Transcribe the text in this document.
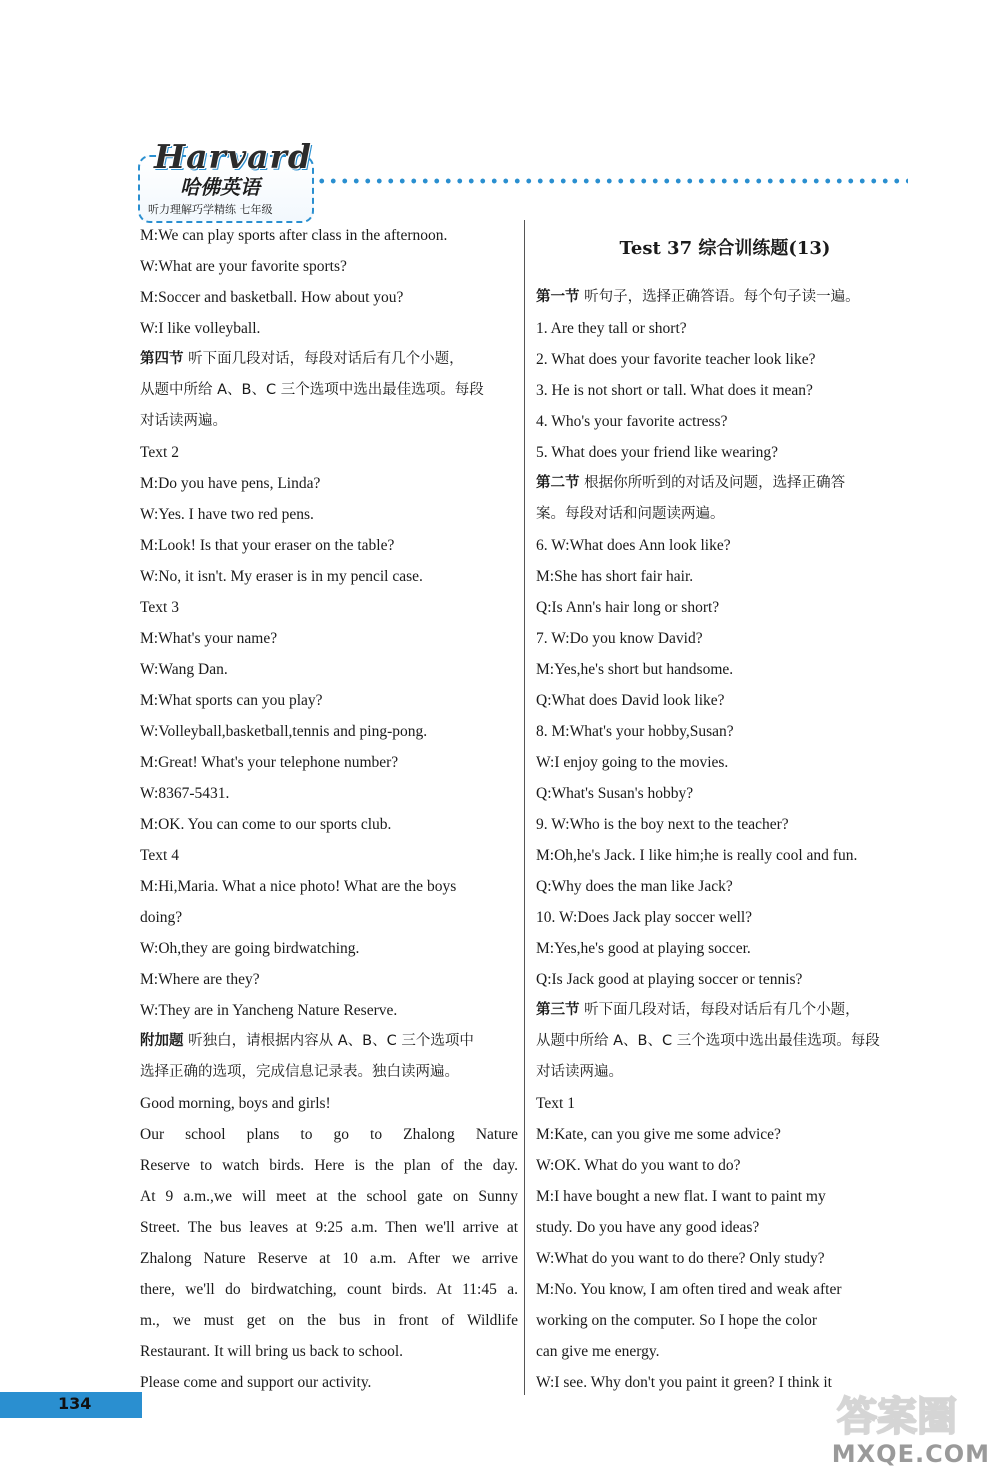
Harvard
哈佛英语
听力理解巧学精练 七年级
M:We can play sports after class in the afternoon.
W:What are your favorite sports?
M:Soccer and basketball. How about you?
W:I like volleyball.
第四节 听下面几段对话，每段对话后有几个小题，
从题中所给 A、B、C 三个选项中选出最佳选项。每段
对话读两遍。
Text 2
M:Do you have pens, Linda?
W:Yes. I have two red pens.
M:Look! Is that your eraser on the table?
W:No, it isn't. My eraser is in my pencil case.
Text 3
M:What's your name?
W:Wang Dan.
M:What sports can you play?
W:Volleyball,basketball,tennis and ping-pong.
M:Great! What's your telephone number?
W:8367-5431.
M:OK. You can come to our sports club.
Text 4
M:Hi,Maria. What a nice photo! What are the boys
doing?
W:Oh,they are going birdwatching.
M:Where are they?
W:They are in Yancheng Nature Reserve.
附加题 听独白，请根据内容从 A、B、C 三个选项中
选择正确的选项，完成信息记录表。独白读两遍。
Good morning, boys and girls!
Our school plans to go to Zhalong Nature
Reserve to watch birds. Here is the plan of the day.
At 9 a.m.,we will meet at the school gate on Sunny
Street. The bus leaves at 9:25 a.m. Then we'll arrive at
Zhalong Nature Reserve at 10 a.m. After we arrive
there, we'll do birdwatching, count birds. At 11:45 a.
m., we must get on the bus in front of Wildlife
Restaurant. It will bring us back to school.
Please come and support our activity.
Test 37 综合训练题(13)
第一节 听句子，选择正确答语。每个句子读一遍。
1. Are they tall or short?
2. What does your favorite teacher look like?
3. He is not short or tall. What does it mean?
4. Who's your favorite actress?
5. What does your friend like wearing?
第二节 根据你所听到的对话及问题，选择正确答
案。每段对话和问题读两遍。
6. W:What does Ann look like?
M:She has short fair hair.
Q:Is Ann's hair long or short?
7. W:Do you know David?
M:Yes,he's short but handsome.
Q:What does David look like?
8. M:What's your hobby,Susan?
W:I enjoy going to the movies.
Q:What's Susan's hobby?
9. W:Who is the boy next to the teacher?
M:Oh,he's Jack. I like him;he is really cool and fun.
Q:Why does the man like Jack?
10. W:Does Jack play soccer well?
M:Yes,he's good at playing soccer.
Q:Is Jack good at playing soccer or tennis?
第三节 听下面几段对话，每段对话后有几个小题，
从题中所给 A、B、C 三个选项中选出最佳选项。每段
对话读两遍。
Text 1
M:Kate, can you give me some advice?
W:OK. What do you want to do?
M:I have bought a new flat. I want to paint my
study. Do you have any good ideas?
W:What do you want to do there? Only study?
M:No. You know, I am often tired and weak after
working on the computer. So I hope the color
can give me energy.
W:I see. Why don't you paint it green? I think it
134	答案圈
MXQE.COM
